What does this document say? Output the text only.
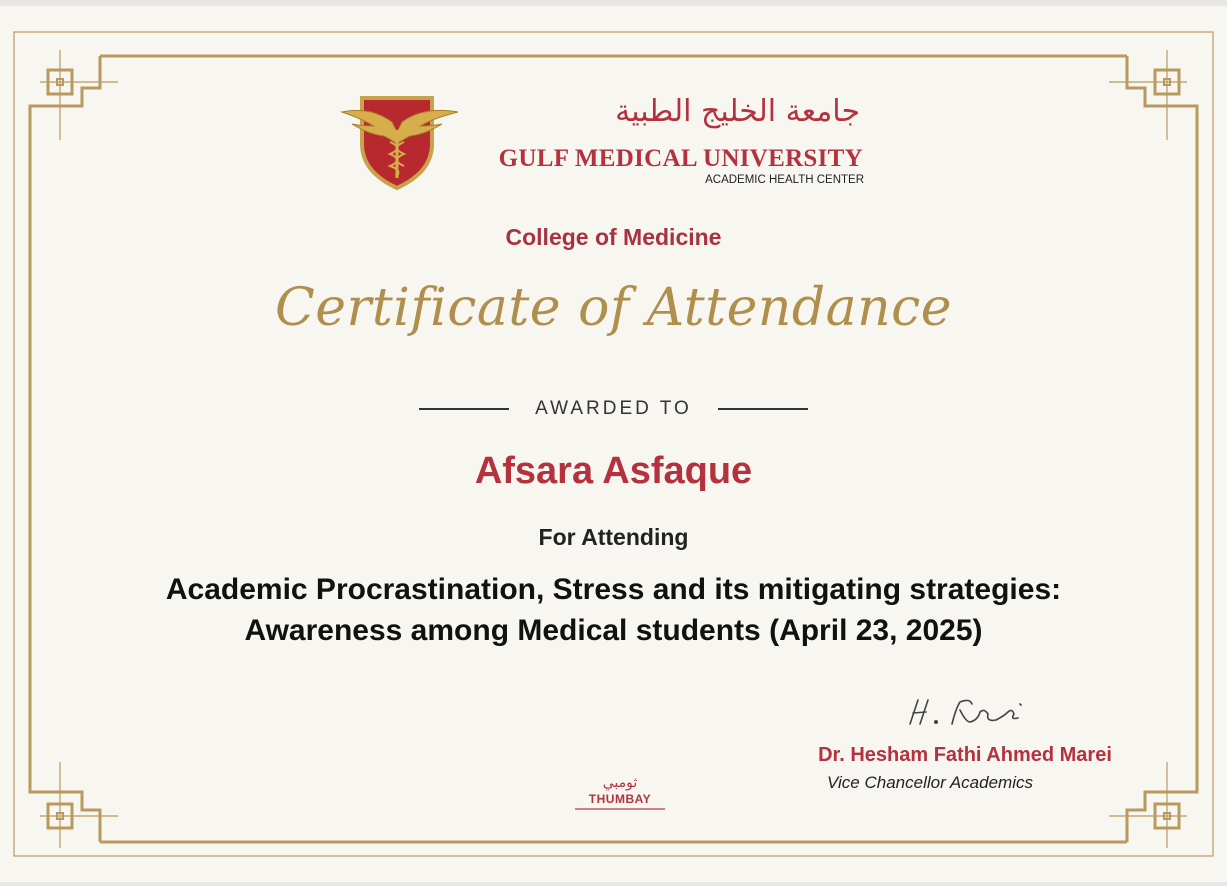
جامعة الخليج الطبية
GULF MEDICAL UNIVERSITY
ACADEMIC HEALTH CENTER
College of Medicine
Certificate of Attendance
AWARDED TO
Afsara Asfaque
For Attending
Academic Procrastination, Stress and its mitigating strategies: Awareness among Medical students (April 23, 2025)
Dr. Hesham Fathi Ahmed Marei
Vice Chancellor Academics
ثومبي
THUMBAY
